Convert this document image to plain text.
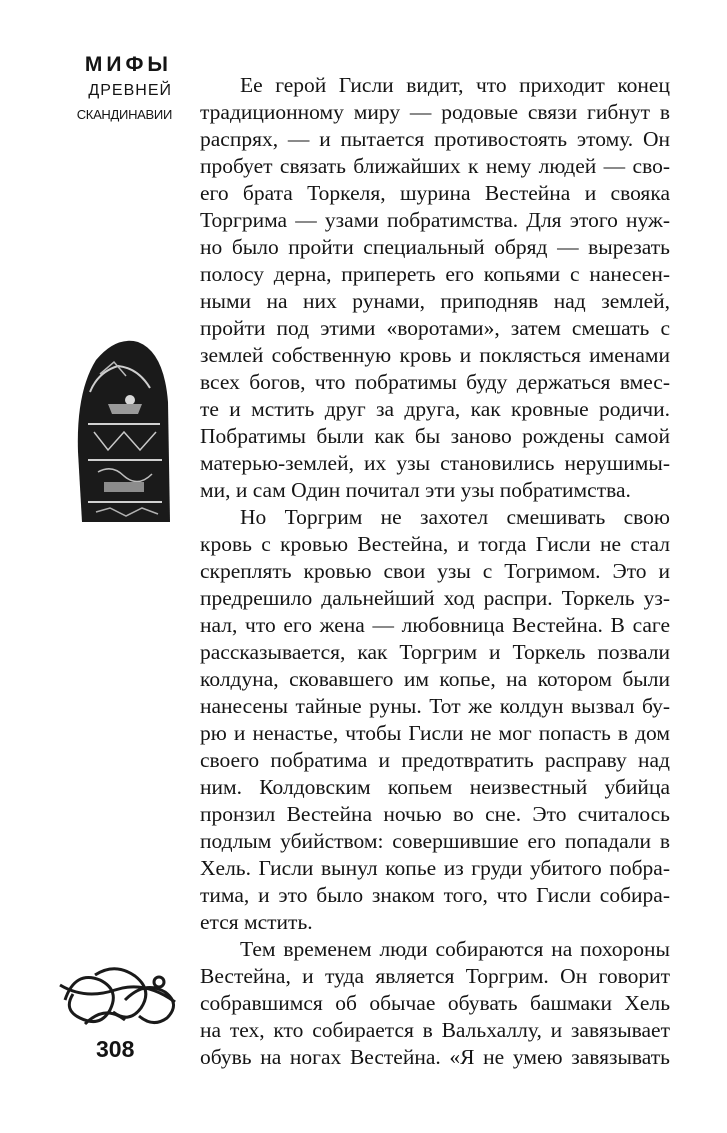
МИФЫ
ДРЕВНЕЙ
СКАНДИНАВИИ
Ее герой Гисли видит, что приходит конец
традиционному миру — родовые связи гибнут в
распрях, — и пытается противостоять этому. Он
пробует связать ближайших к нему людей — сво-
его брата Торкеля, шурина Вестейна и свояка
Торгрима — узами побратимства. Для этого нуж-
но было пройти специальный обряд — вырезать
полосу дерна, припереть его копьями с нанесен-
ными на них рунами, приподняв над землей,
пройти под этими «воротами», затем смешать с
землей собственную кровь и поклясться именами
всех богов, что побратимы буду держаться вмес-
те и мстить друг за друга, как кровные родичи.
Побратимы были как бы заново рождены самой
матерью-землей, их узы становились нерушимы-
ми, и сам Один почитал эти узы побратимства.
Но Торгрим не захотел смешивать свою
кровь с кровью Вестейна, и тогда Гисли не стал
скреплять кровью свои узы с Тогримом. Это и
предрешило дальнейший ход распри. Торкель уз-
нал, что его жена — любовница Вестейна. В саге
рассказывается, как Торгрим и Торкель позвали
колдуна, сковавшего им копье, на котором были
нанесены тайные руны. Тот же колдун вызвал бу-
рю и ненастье, чтобы Гисли не мог попасть в дом
своего побратима и предотвратить расправу над
ним. Колдовским копьем неизвестный убийца
пронзил Вестейна ночью во сне. Это считалось
подлым убийством: совершившие его попадали в
Хель. Гисли вынул копье из груди убитого побра-
тима, и это было знаком того, что Гисли собира-
ется мстить.
Тем временем люди собираются на похороны
Вестейна, и туда является Торгрим. Он говорит
собравшимся об обычае обувать башмаки Хель
на тех, кто собирается в Вальхаллу, и завязывает
обувь на ногах Вестейна. «Я не умею завязывать
308
